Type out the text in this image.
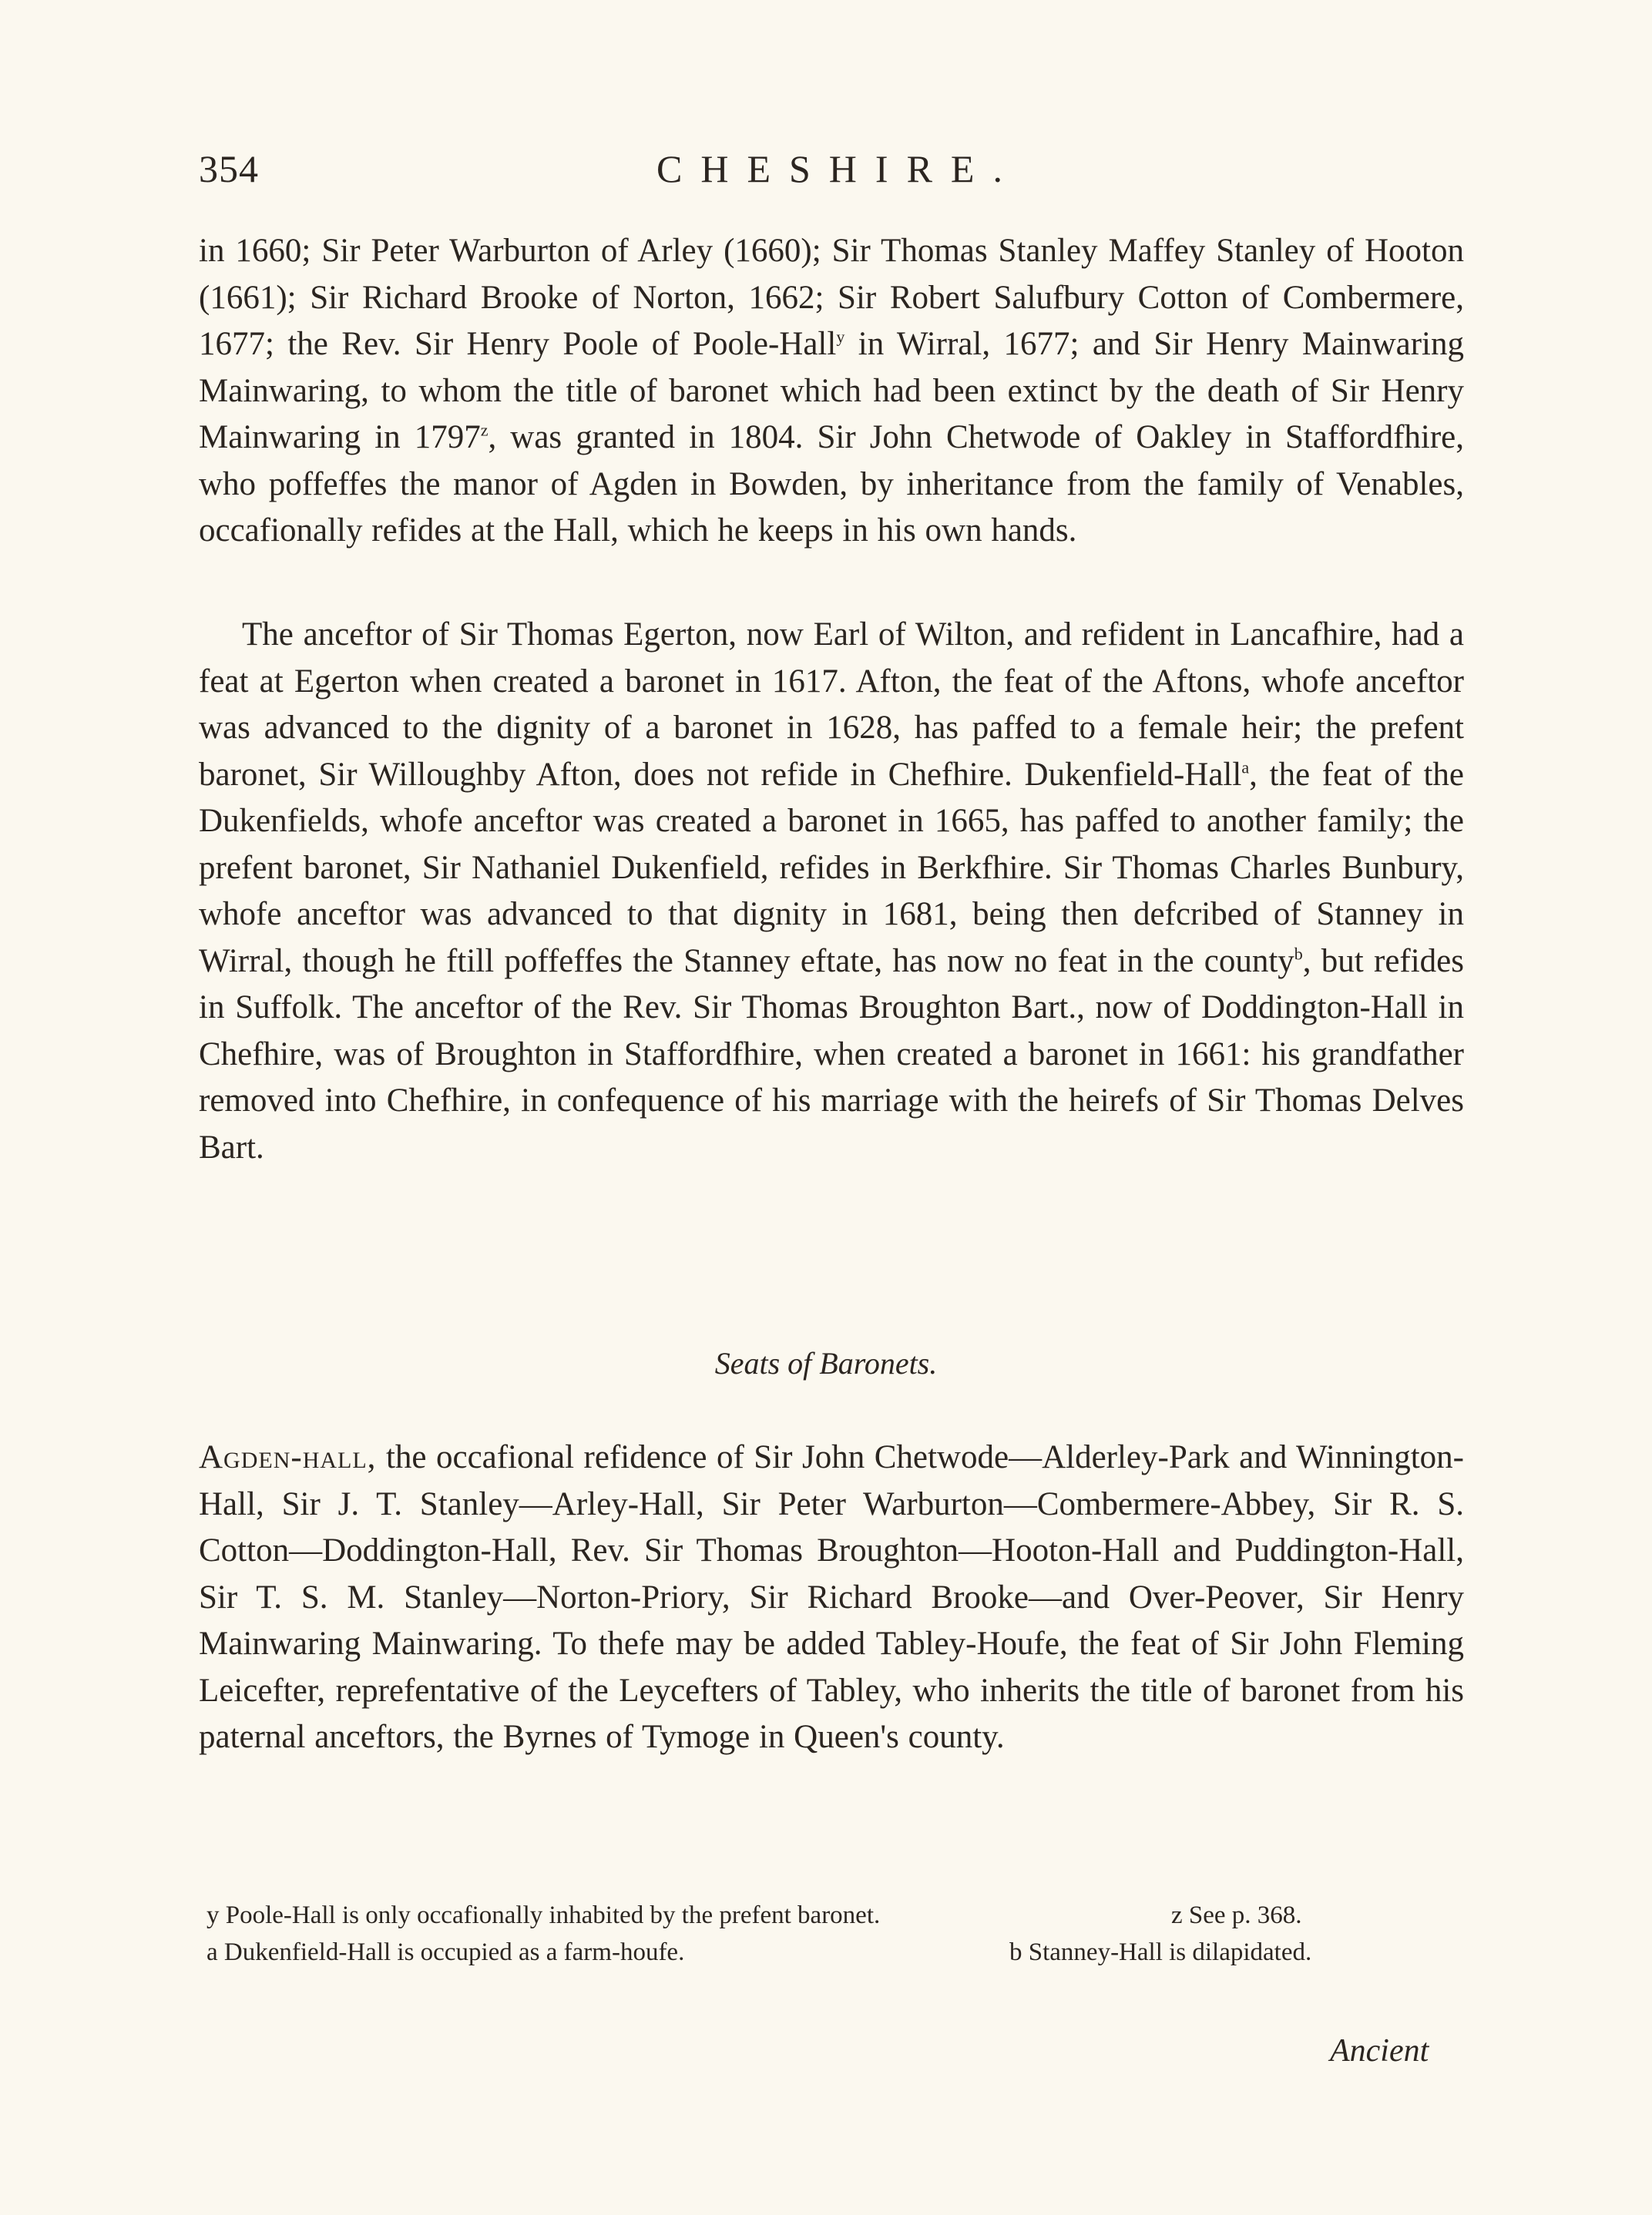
354	CHESHIRE.

in 1660; Sir Peter Warburton of Arley (1660); Sir Thomas Stanley Maffey Stanley of Hooton (1661); Sir Richard Brooke of Norton, 1662; Sir Robert Salufbury Cotton of Combermere, 1677; the Rev. Sir Henry Poole of Poole-Hall$^y$ in Wirral, 1677; and Sir Henry Mainwaring Mainwaring, to whom the title of baronet which had been extinct by the death of Sir Henry Mainwaring in 1797$^z$, was granted in 1804. Sir John Chetwode of Oakley in Staffordfhire, who poffeffes the manor of Agden in Bowden, by inheritance from the family of Venables, occafionally refides at the Hall, which he keeps in his own hands.

The anceftor of Sir Thomas Egerton, now Earl of Wilton, and refident in Lancafhire, had a feat at Egerton when created a baronet in 1617. Afton, the feat of the Aftons, whofe anceftor was advanced to the dignity of a baronet in 1628, has paffed to a female heir; the prefent baronet, Sir Willoughby Afton, does not refide in Chefhire. Dukenfield-Hall$^a$, the feat of the Dukenfields, whofe anceftor was created a baronet in 1665, has paffed to another family; the prefent baronet, Sir Nathaniel Dukenfield, refides in Berkfhire. Sir Thomas Charles Bunbury, whofe anceftor was advanced to that dignity in 1681, being then defcribed of Stanney in Wirral, though he ftill poffeffes the Stanney eftate, has now no feat in the county$^b$, but refides in Suffolk. The anceftor of the Rev. Sir Thomas Broughton Bart., now of Doddington-Hall in Chefhire, was of Broughton in Staffordfhire, when created a baronet in 1661: his grandfather removed into Chefhire, in confequence of his marriage with the heirefs of Sir Thomas Delves Bart.

Seats of Baronets.

Agden-hall, the occafional refidence of Sir John Chetwode—Alderley-Park and Winnington-Hall, Sir J. T. Stanley—Arley-Hall, Sir Peter Warburton—Combermere-Abbey, Sir R. S. Cotton—Doddington-Hall, Rev. Sir Thomas Broughton—Hooton-Hall and Puddington-Hall, Sir T. S. M. Stanley—Norton-Priory, Sir Richard Brooke—and Over-Peover, Sir Henry Mainwaring Mainwaring. To thefe may be added Tabley-Houfe, the feat of Sir John Fleming Leicefter, reprefentative of the Leycefters of Tabley, who inherits the title of baronet from his paternal anceftors, the Byrnes of Tymoge in Queen's county.

y Poole-Hall is only occafionally inhabited by the prefent baronet.	z See p. 368.
a Dukenfield-Hall is occupied as a farm-houfe.	b Stanney-Hall is dilapidated.
Ancient
